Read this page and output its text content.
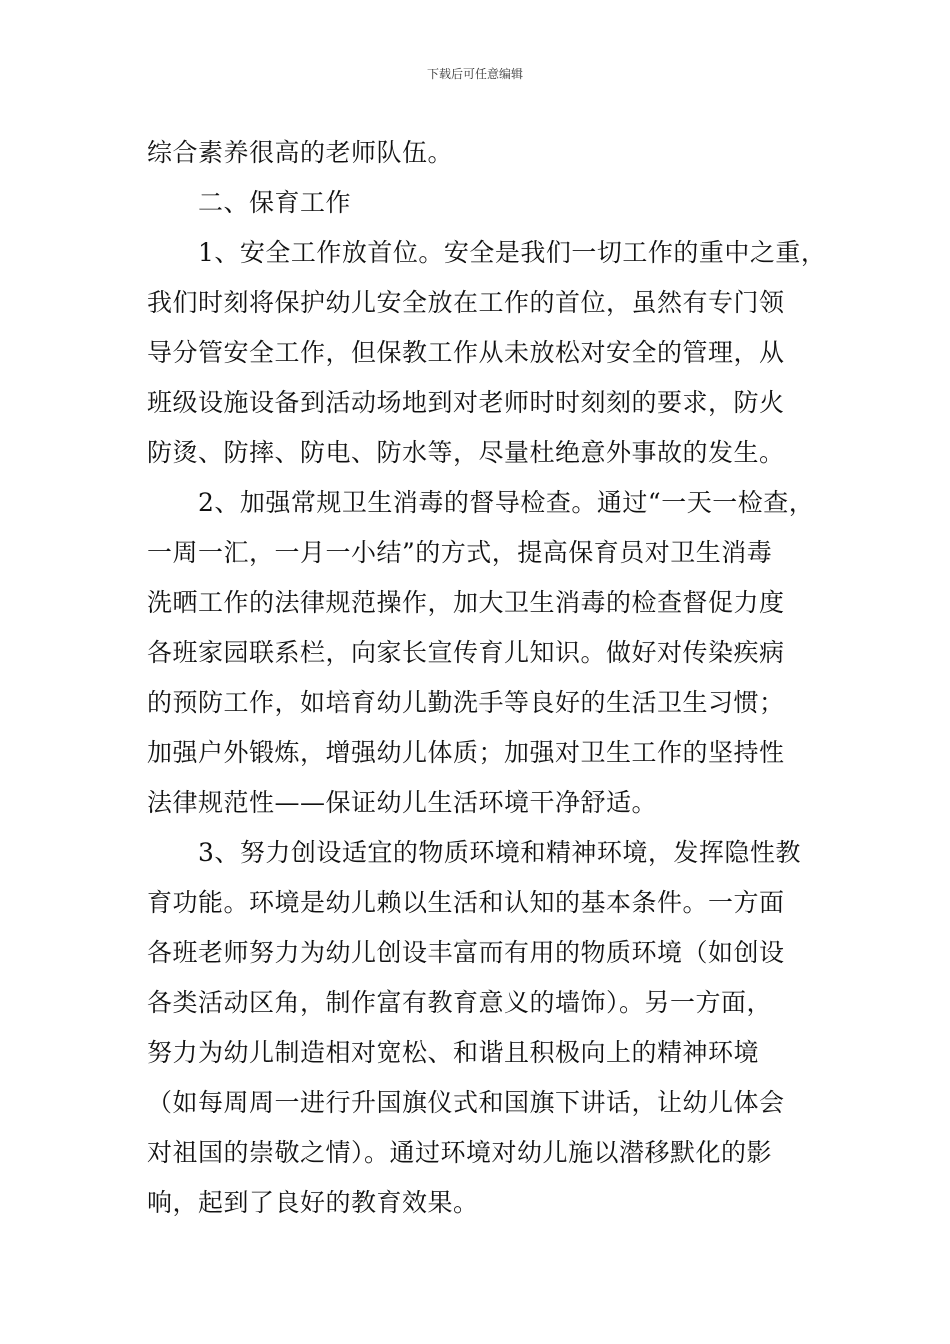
下载后可任意编辑
综合素养很高的老师队伍。
　　二、保育工作
　　1、安全工作放首位。安全是我们一切工作的重中之重，
我们时刻将保护幼儿安全放在工作的首位，虽然有专门领
导分管安全工作，但保教工作从未放松对安全的管理，从
班级设施设备到活动场地到对老师时时刻刻的要求，防火
防烫、防摔、防电、防水等，尽量杜绝意外事故的发生。
　　2、加强常规卫生消毒的督导检查。通过“一天一检查，
一周一汇，一月一小结”的方式，提高保育员对卫生消毒
洗晒工作的法律规范操作，加大卫生消毒的检查督促力度
各班家园联系栏，向家长宣传育儿知识。做好对传染疾病
的预防工作，如培育幼儿勤洗手等良好的生活卫生习惯；
加强户外锻炼，增强幼儿体质；加强对卫生工作的坚持性
法律规范性——保证幼儿生活环境干净舒适。
　　3、努力创设适宜的物质环境和精神环境，发挥隐性教
育功能。环境是幼儿赖以生活和认知的基本条件。一方面
各班老师努力为幼儿创设丰富而有用的物质环境（如创设
各类活动区角，制作富有教育意义的墙饰）。另一方面，
努力为幼儿制造相对宽松、和谐且积极向上的精神环境
（如每周周一进行升国旗仪式和国旗下讲话，让幼儿体会
对祖国的崇敬之情）。通过环境对幼儿施以潜移默化的影
响，起到了良好的教育效果。
